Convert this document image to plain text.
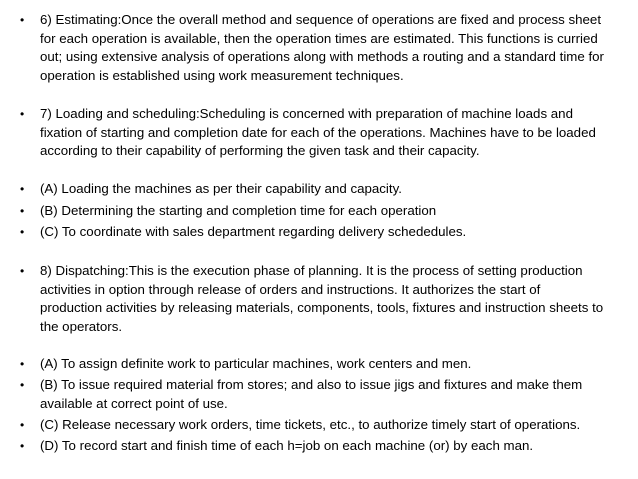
•	6) Estimating:Once the overall method and sequence of operations are fixed and process sheet
for each operation is available, then the operation times are estimated. This functions is curried
out; using extensive analysis of operations along with methods a routing and a standard time for
operation is established using work measurement techniques.
•	7) Loading and scheduling:Scheduling is concerned with preparation of machine loads and
fixation of starting and completion date for each of the operations. Machines have to be loaded
according to their capability of performing the given task and their capacity.
•	(A) Loading the machines as per their capability and capacity.
•	(B) Determining the starting and completion time for each operation
•	(C) To coordinate with sales department regarding delivery schededules.
•	8) Dispatching:This is the execution phase of planning. It is the process of setting production
activities in option through release of orders and instructions. It authorizes the start of
production activities by releasing materials, components, tools, fixtures and instruction sheets to
the operators.
•	(A) To assign definite work to particular machines, work centers and men.
•	(B) To issue required material from stores; and also to issue jigs and fixtures and make them
available at correct point of use.
•	(C) Release necessary work orders, time tickets, etc., to authorize timely start of operations.
•	(D) To record start and finish time of each h=job on each machine (or) by each man.
